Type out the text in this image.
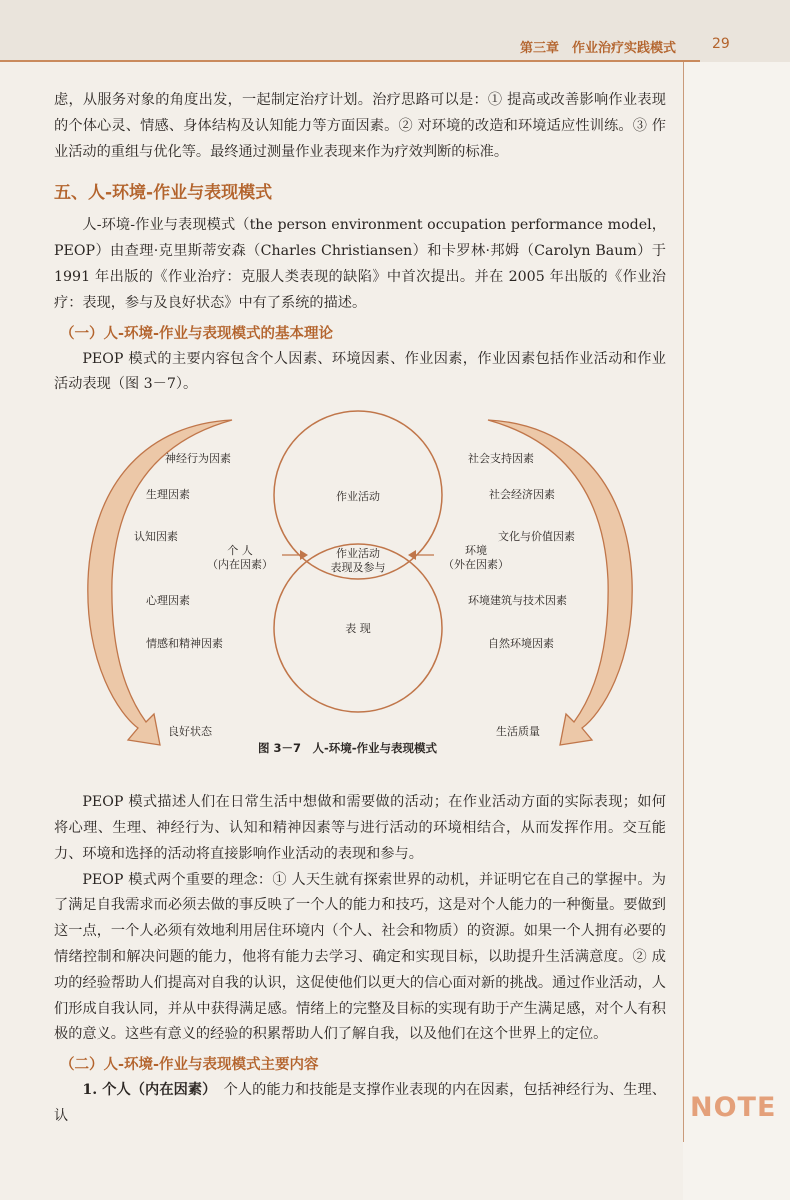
第三章　作业治疗实践模式	29
NOTE

虑，从服务对象的角度出发，一起制定治疗计划。治疗思路可以是：① 提高或改善影响作业表现的个体心灵、情感、身体结构及认知能力等方面因素。② 对环境的改造和环境适应性训练。③ 作业活动的重组与优化等。最终通过测量作业表现来作为疗效判断的标准。

五、人-环境-作业与表现模式

人-环境-作业与表现模式（the person environment occupation performance model，PEOP）由查理·克里斯蒂安森（Charles Christiansen）和卡罗林·邦姆（Carolyn Baum）于 1991 年出版的《作业治疗：克服人类表现的缺陷》中首次提出。并在 2005 年出版的《作业治疗：表现，参与及良好状态》中有了系统的描述。

（一）人-环境-作业与表现模式的基本理论

PEOP 模式的主要内容包含个人因素、环境因素、作业因素，作业因素包括作业活动和作业活动表现（图 3－7）。

神经行为因素
生理因素
认知因素
心理因素
情感和精神因素
个 人
（内在因素）
作业活动
作业活动
表现及参与
表 现
环境
（外在因素）
社会支持因素
社会经济因素
文化与价值因素
环境建筑与技术因素
自然环境因素
良好状态	生活质量
图 3－7　人-环境-作业与表现模式

PEOP 模式描述人们在日常生活中想做和需要做的活动；在作业活动方面的实际表现；如何将心理、生理、神经行为、认知和精神因素等与进行活动的环境相结合，从而发挥作用。交互能力、环境和选择的活动将直接影响作业活动的表现和参与。

PEOP 模式两个重要的理念：① 人天生就有探索世界的动机，并证明它在自己的掌握中。为了满足自我需求而必须去做的事反映了一个人的能力和技巧，这是对个人能力的一种衡量。要做到这一点，一个人必须有效地利用居住环境内（个人、社会和物质）的资源。如果一个人拥有必要的情绪控制和解决问题的能力，他将有能力去学习、确定和实现目标，以助提升生活满意度。② 成功的经验帮助人们提高对自我的认识，这促使他们以更大的信心面对新的挑战。通过作业活动，人们形成自我认同，并从中获得满足感。情绪上的完整及目标的实现有助于产生满足感，对个人有积极的意义。这些有意义的经验的积累帮助人们了解自我，以及他们在这个世界上的定位。

（二）人-环境-作业与表现模式主要内容

1. 个人（内在因素）　个人的能力和技能是支撑作业表现的内在因素，包括神经行为、生理、认
